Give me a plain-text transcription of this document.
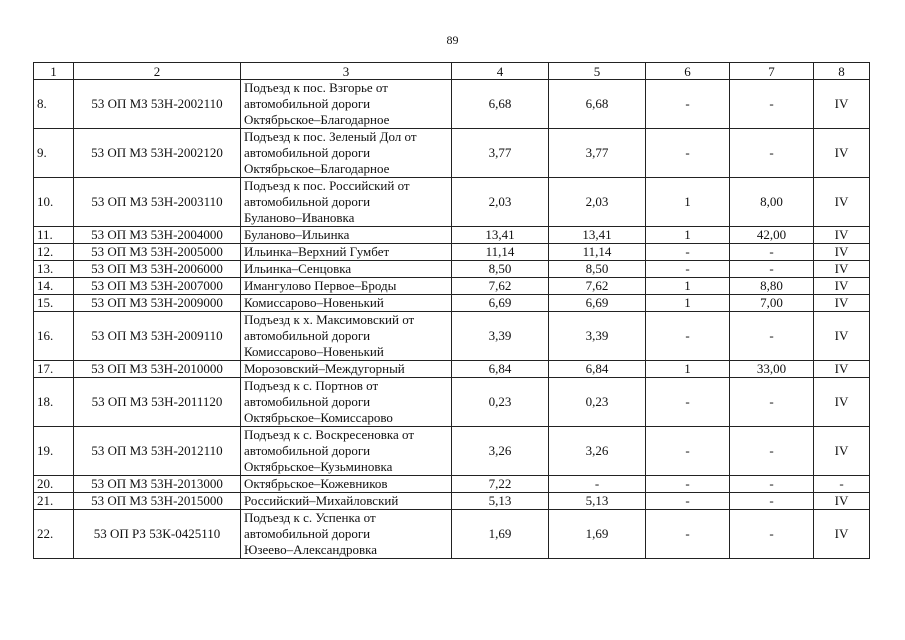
89
1	2	3	4	5	6	7	8
8.	53 ОП МЗ 53Н-2002110	Подъезд к пос. Взгорье от
автомобильной дороги
Октябрьское–Благодарное	6,68	6,68	-	-	IV
9.	53 ОП МЗ 53Н-2002120	Подъезд к пос. Зеленый Дол от
автомобильной дороги
Октябрьское–Благодарное	3,77	3,77	-	-	IV
10.	53 ОП МЗ 53Н-2003110	Подъезд к пос. Российский от
автомобильной дороги
Буланово–Ивановка	2,03	2,03	1	8,00	IV
11.	53 ОП МЗ 53Н-2004000	Буланово–Ильинка	13,41	13,41	1	42,00	IV
12.	53 ОП МЗ 53Н-2005000	Ильинка–Верхний Гумбет	11,14	11,14	-	-	IV
13.	53 ОП МЗ 53Н-2006000	Ильинка–Сенцовка	8,50	8,50	-	-	IV
14.	53 ОП МЗ 53Н-2007000	Имангулово Первое–Броды	7,62	7,62	1	8,80	IV
15.	53 ОП МЗ 53Н-2009000	Комиссарово–Новенький	6,69	6,69	1	7,00	IV
16.	53 ОП МЗ 53Н-2009110	Подъезд к х. Максимовский от
автомобильной дороги
Комиссарово–Новенький	3,39	3,39	-	-	IV
17.	53 ОП МЗ 53Н-2010000	Морозовский–Междугорный	6,84	6,84	1	33,00	IV
18.	53 ОП МЗ 53Н-2011120	Подъезд к с. Портнов от
автомобильной дороги
Октябрьское–Комиссарово	0,23	0,23	-	-	IV
19.	53 ОП МЗ 53Н-2012110	Подъезд к с. Воскресеновка от
автомобильной дороги
Октябрьское–Кузьминовка	3,26	3,26	-	-	IV
20.	53 ОП МЗ 53Н-2013000	Октябрьское–Кожевников	7,22	-	-	-	-
21.	53 ОП МЗ 53Н-2015000	Российский–Михайловский	5,13	5,13	-	-	IV
22.	53 ОП РЗ 53К-0425110	Подъезд к с. Успенка от
автомобильной дороги
Юзеево–Александровка	1,69	1,69	-	-	IV
